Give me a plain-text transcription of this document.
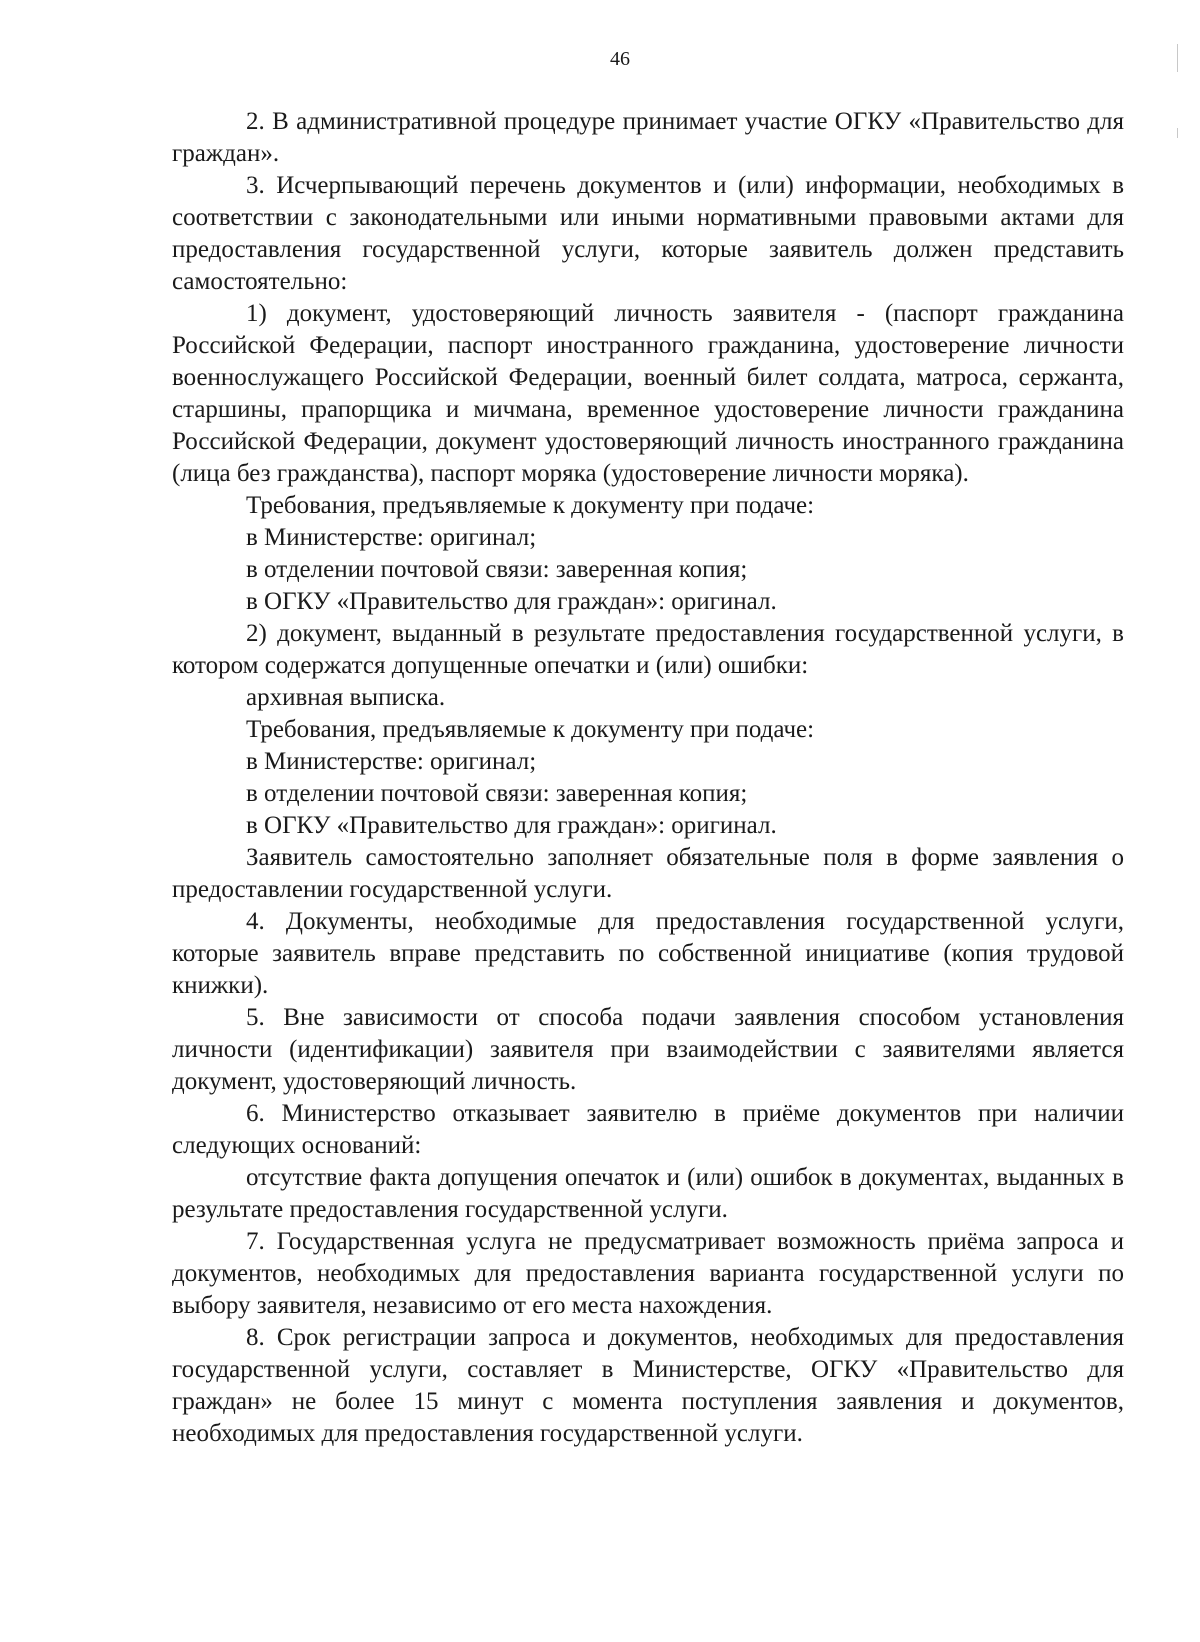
46

2. В административной процедуре принимает участие ОГКУ «Правительство для граждан».

3. Исчерпывающий перечень документов и (или) информации, необходимых в соответствии с законодательными или иными нормативными правовыми актами для предоставления государственной услуги, которые заявитель должен представить самостоятельно:

1) документ, удостоверяющий личность заявителя - (паспорт гражданина Российской Федерации, паспорт иностранного гражданина, удостоверение личности военнослужащего Российской Федерации, военный билет солдата, матроса, сержанта, старшины, прапорщика и мичмана, временное удостоверение личности гражданина Российской Федерации, документ удостоверяющий личность иностранного гражданина (лица без гражданства), паспорт моряка (удостоверение личности моряка).

Требования, предъявляемые к документу при подаче:

в Министерстве: оригинал;

в отделении почтовой связи: заверенная копия;

в ОГКУ «Правительство для граждан»: оригинал.

2) документ, выданный в результате предоставления государственной услуги, в котором содержатся допущенные опечатки и (или) ошибки:

архивная выписка.

Требования, предъявляемые к документу при подаче:

в Министерстве: оригинал;

в отделении почтовой связи: заверенная копия;

в ОГКУ «Правительство для граждан»: оригинал.

Заявитель самостоятельно заполняет обязательные поля в форме заявления о предоставлении государственной услуги.

4. Документы, необходимые для предоставления государственной услуги, которые заявитель вправе представить по собственной инициативе (копия трудовой книжки).

5. Вне зависимости от способа подачи заявления способом установления личности (идентификации) заявителя при взаимодействии с заявителями является документ, удостоверяющий личность.

6. Министерство отказывает заявителю в приёме документов при наличии следующих оснований:

отсутствие факта допущения опечаток и (или) ошибок в документах, выданных в результате предоставления государственной услуги.

7. Государственная услуга не предусматривает возможность приёма запроса и документов, необходимых для предоставления варианта государственной услуги по выбору заявителя, независимо от его места нахождения.

8. Срок регистрации запроса и документов, необходимых для предоставления государственной услуги, составляет в Министерстве, ОГКУ «Правительство для граждан» не более 15 минут с момента поступления заявления и документов, необходимых для предоставления государственной услуги.
